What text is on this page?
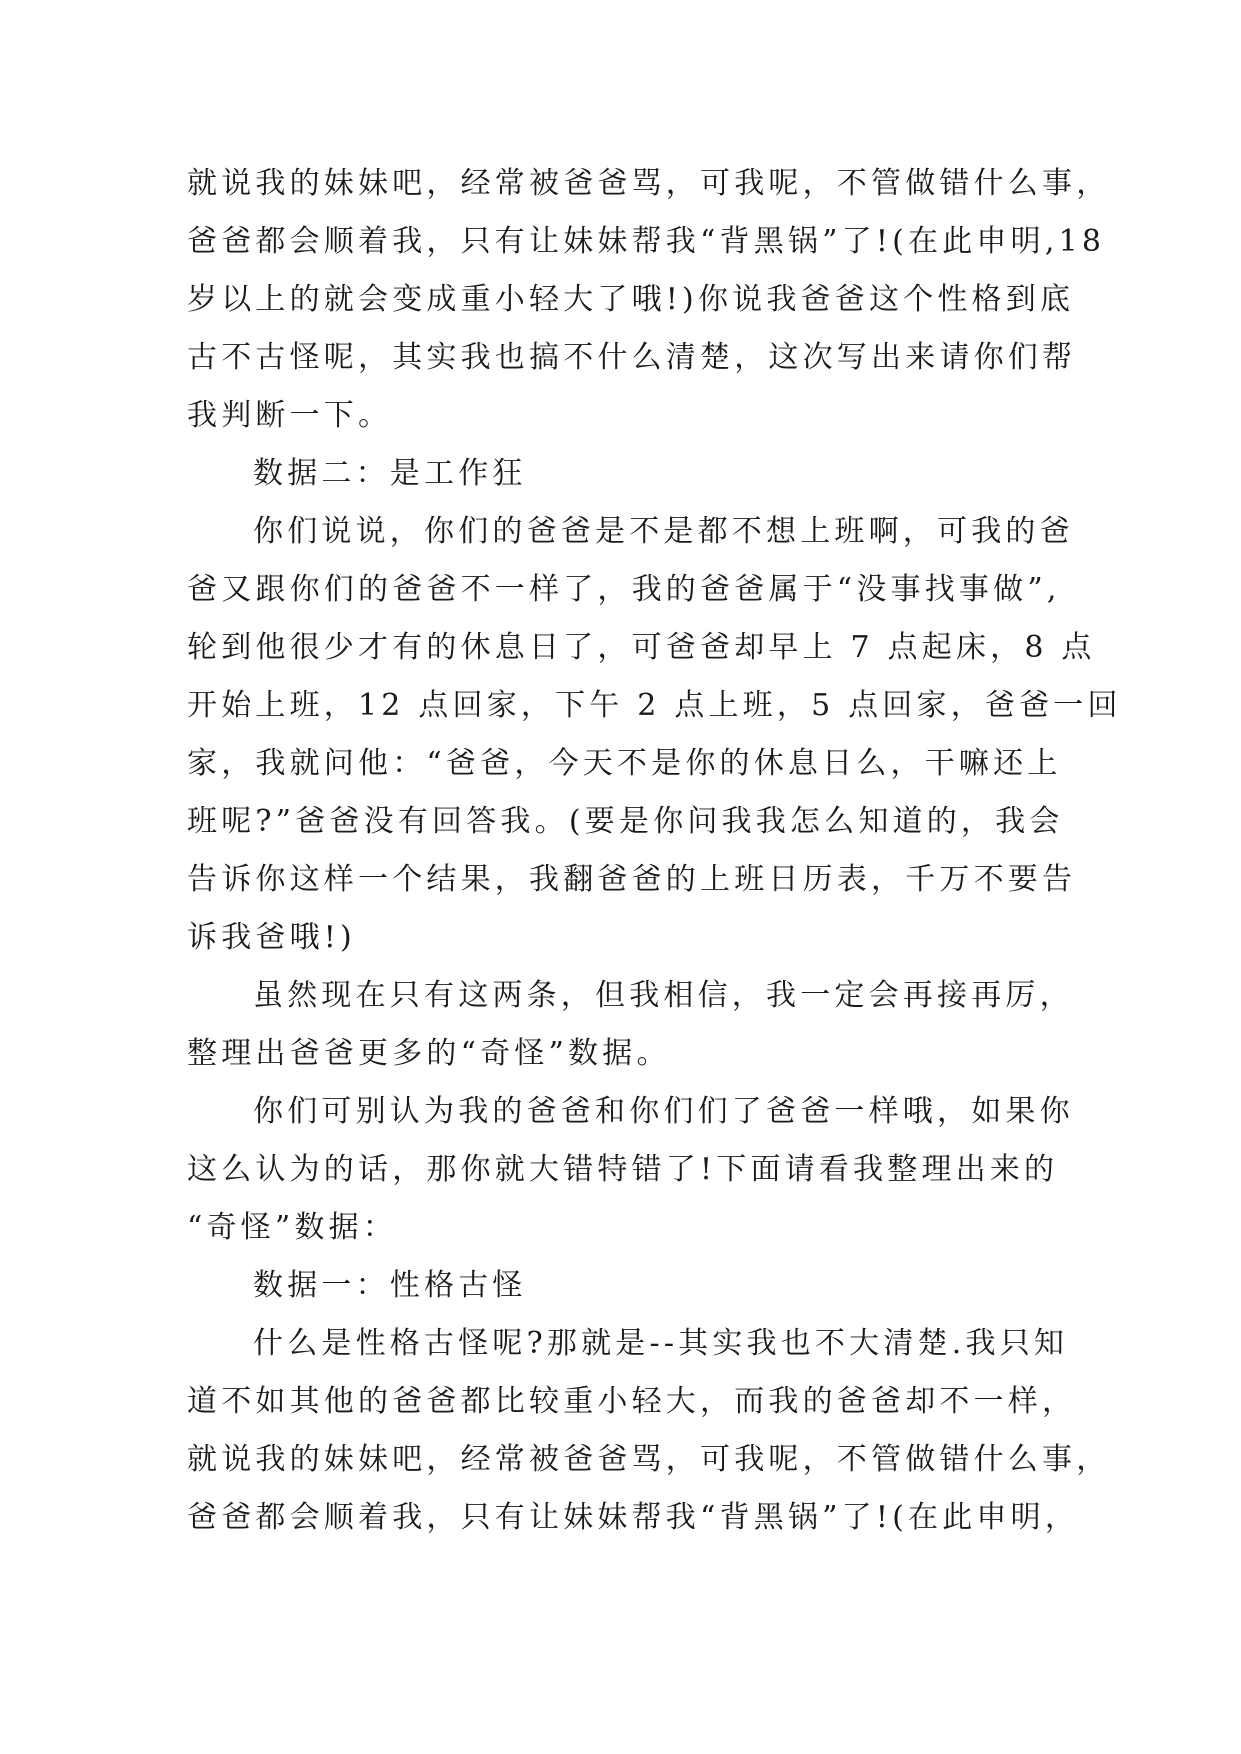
就说我的妹妹吧，经常被爸爸骂，可我呢，不管做错什么事，
爸爸都会顺着我，只有让妹妹帮我“背黑锅”了!(在此申明,18
岁以上的就会变成重小轻大了哦!)你说我爸爸这个性格到底
古不古怪呢，其实我也搞不什么清楚，这次写出来请你们帮
我判断一下。
数据二：是工作狂
你们说说，你们的爸爸是不是都不想上班啊，可我的爸
爸又跟你们的爸爸不一样了，我的爸爸属于“没事找事做”,
轮到他很少才有的休息日了，可爸爸却早上 7 点起床，8 点
开始上班，12 点回家，下午 2 点上班，5 点回家，爸爸一回
家，我就问他：“爸爸，今天不是你的休息日么，干嘛还上
班呢?”爸爸没有回答我。(要是你问我我怎么知道的，我会
告诉你这样一个结果，我翻爸爸的上班日历表，千万不要告
诉我爸哦!)
虽然现在只有这两条，但我相信，我一定会再接再厉，
整理出爸爸更多的“奇怪”数据。
你们可别认为我的爸爸和你们们了爸爸一样哦，如果你
这么认为的话，那你就大错特错了!下面请看我整理出来的
“奇怪”数据：
数据一：性格古怪
什么是性格古怪呢?那就是--其实我也不大清楚.我只知
道不如其他的爸爸都比较重小轻大，而我的爸爸却不一样，
就说我的妹妹吧，经常被爸爸骂，可我呢，不管做错什么事，
爸爸都会顺着我，只有让妹妹帮我“背黑锅”了!(在此申明，
